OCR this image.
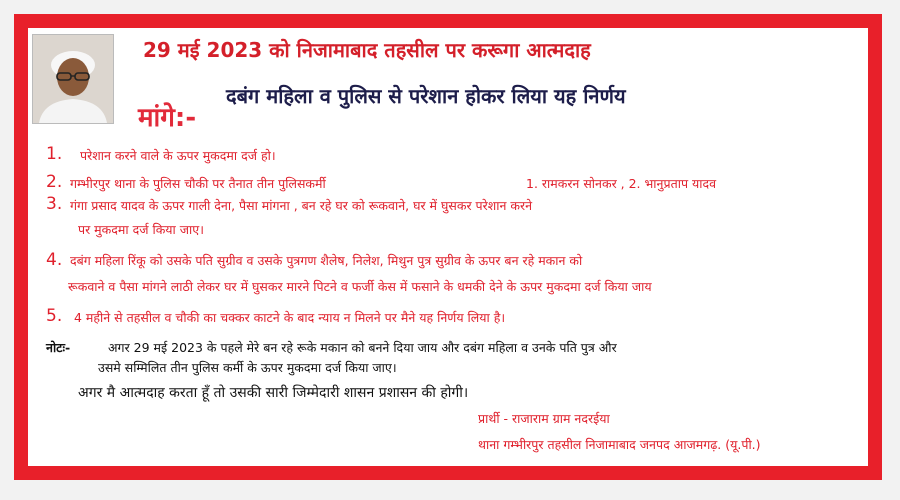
29 मई 2023 को निजामाबाद तहसील पर करूगा आत्मदाह
दबंग महिला व पुलिस से परेशान होकर लिया यह निर्णय
मांगे:-
1. परेशान करने वाले के ऊपर मुकदमा दर्ज हो।
2. गम्भीरपुर थाना के पुलिस चौकी पर तैनात तीन पुलिसकर्मी	1. रामकरन सोनकर , 2. भानुप्रताप यादव
3. गंगा प्रसाद यादव के ऊपर गाली देना, पैसा मांगना , बन रहे घर को रूकवाने, घर में घुसकर परेशान करने
पर मुकदमा दर्ज किया जाए।
4. दबंग महिला रिंकू को उसके पति सुग्रीव व उसके पुत्रगण शैलेष, निलेश, मिथुन पुत्र सुग्रीव के ऊपर बन रहे मकान को
रूकवाने व पैसा मांगने लाठी लेकर घर में घुसकर मारने पिटने व फर्जी केस में फसाने के धमकी देने के ऊपर मुकदमा दर्ज किया जाय
5. 4 महीने से तहसील व चौकी का चक्कर काटने के बाद न्याय न मिलने पर मैने यह निर्णय लिया है।
नोटः-	अगर 29 मई 2023 के पहले मेरे बन रहे रूके मकान को बनने दिया जाय और दबंग महिला व उनके पति पुत्र और
उसमे सम्मिलित तीन पुलिस कर्मी के ऊपर मुकदमा दर्ज किया जाए।
अगर मै आत्मदाह करता हूँ तो उसकी सारी जिम्मेदारी शासन प्रशासन की होगी।
प्रार्थी - राजाराम ग्राम नदरईया
थाना गम्भीरपुर तहसील निजामाबाद जनपद आजमगढ़. (यू.पी.)
